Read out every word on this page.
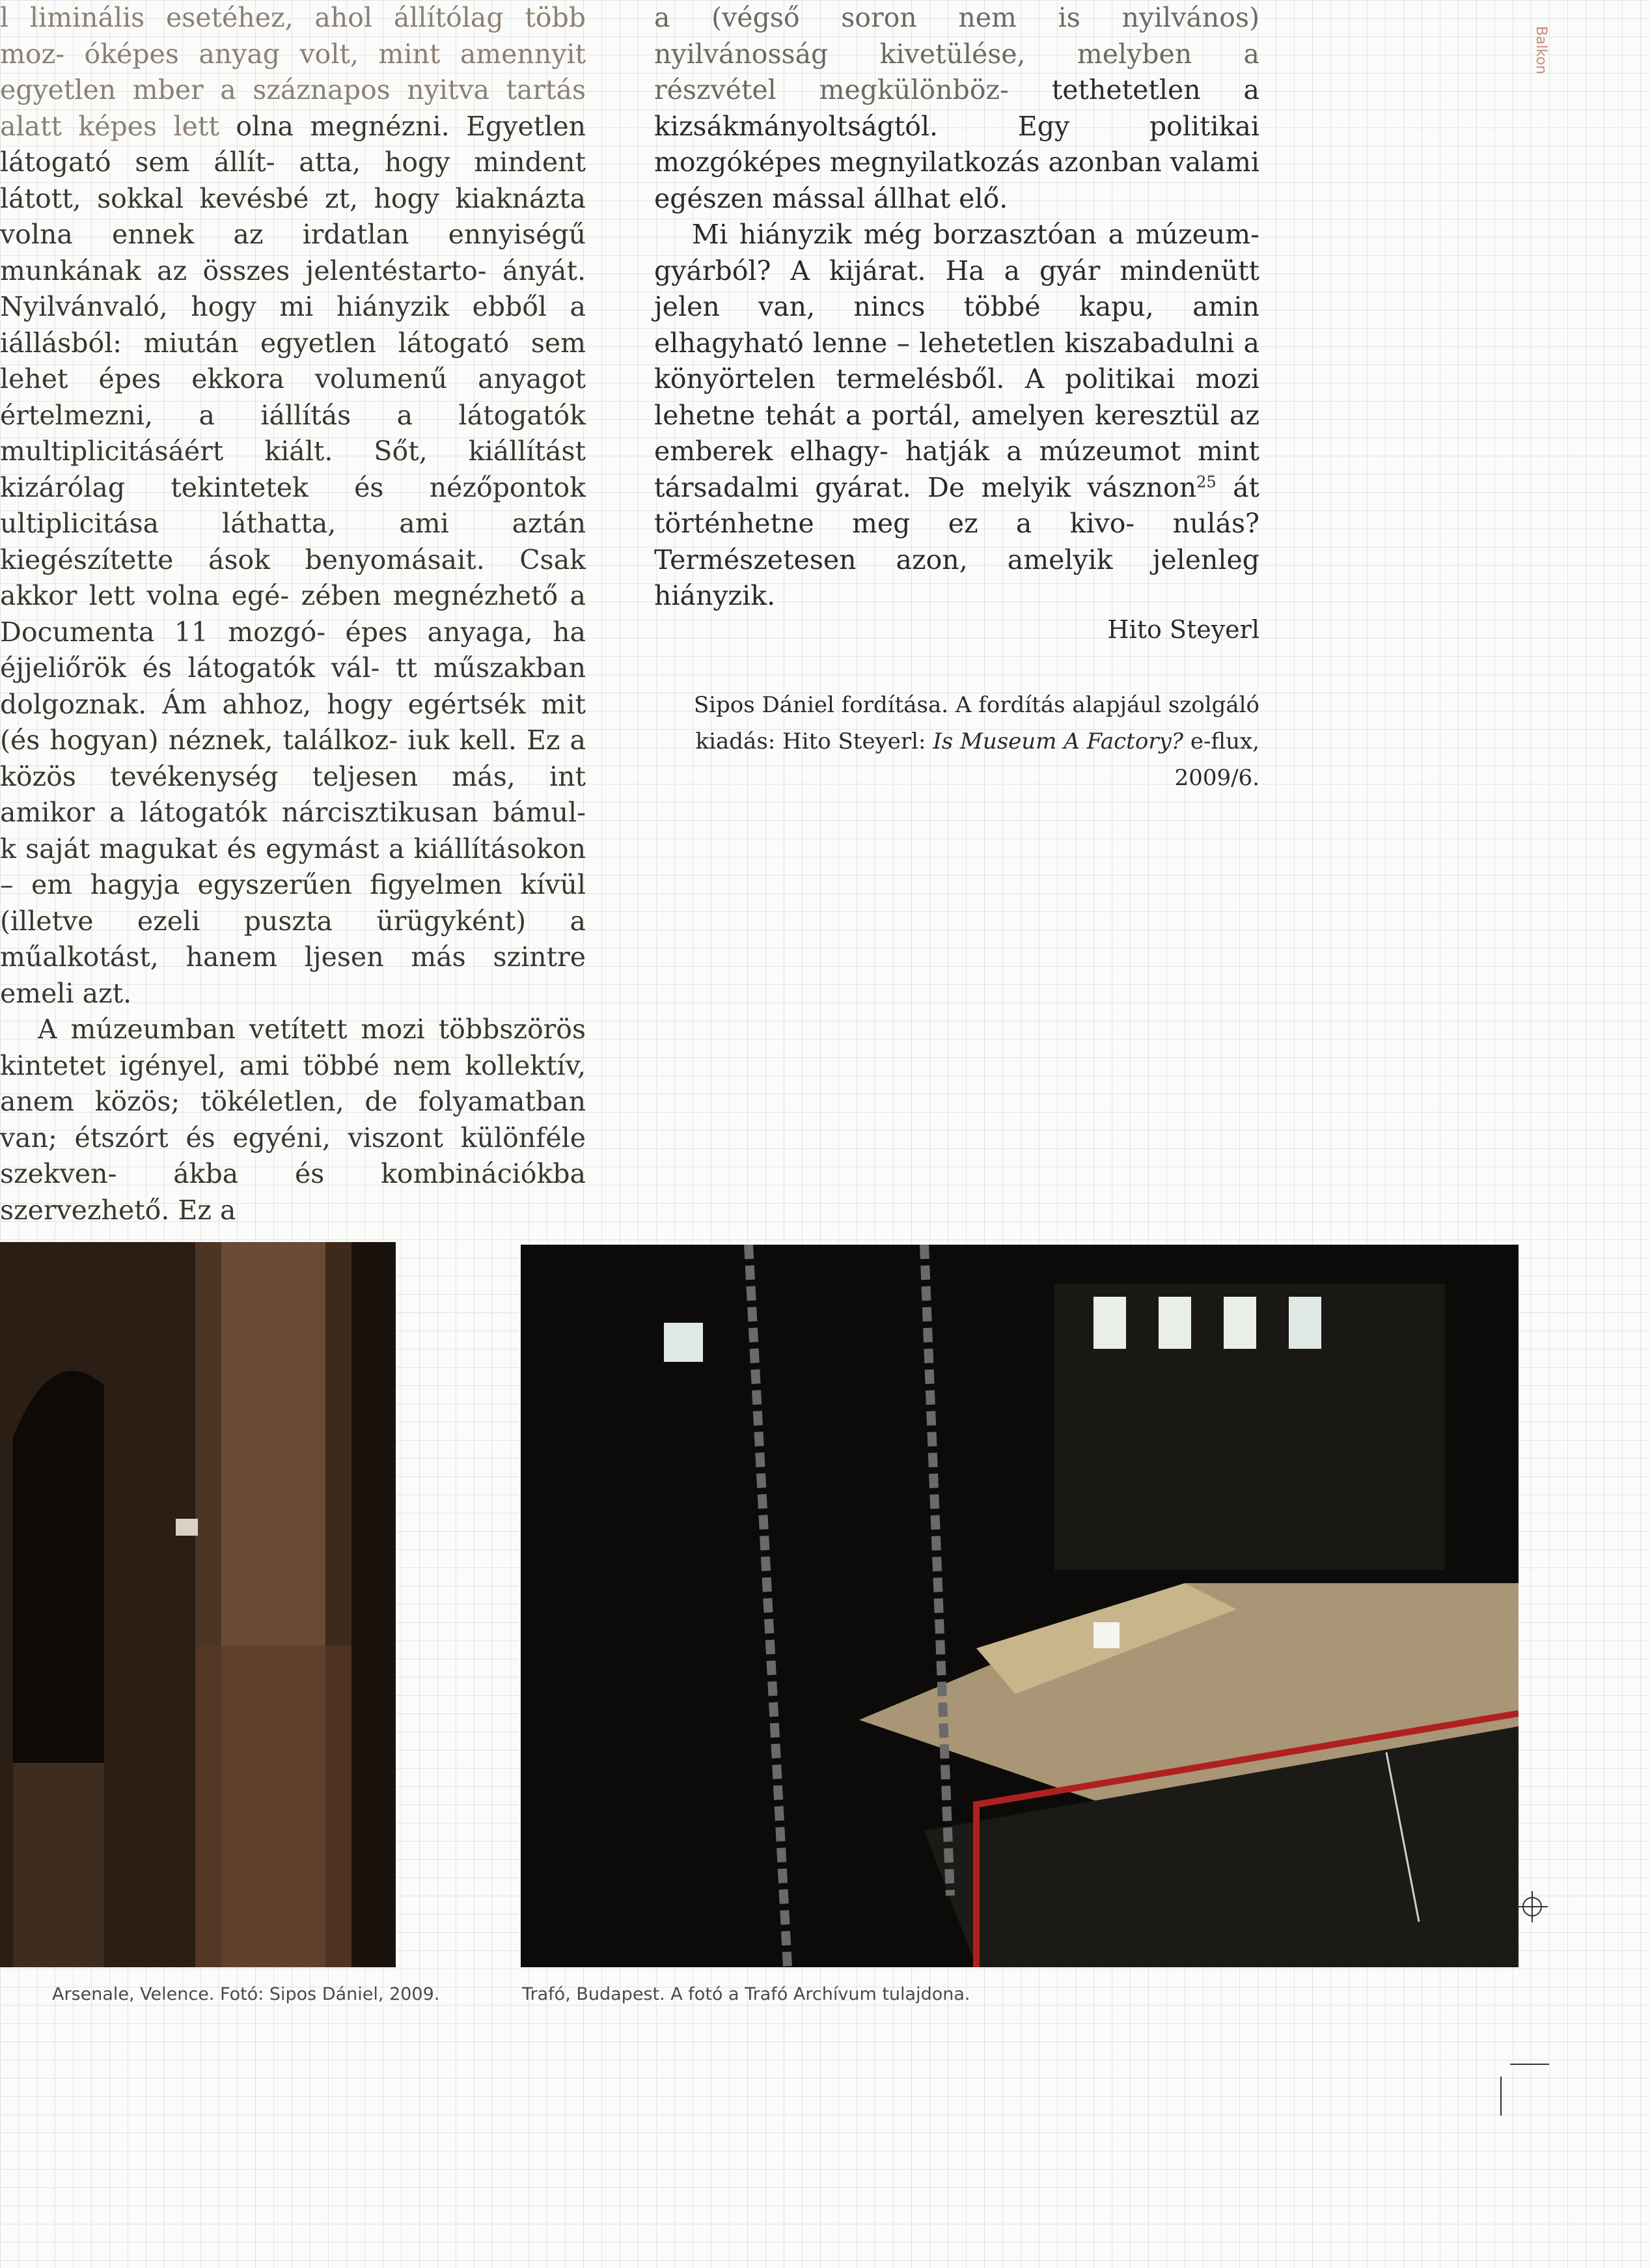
Balkon

l liminális esetéhez, ahol állítólag több moz- óképes anyag volt, mint amennyit egyetlen mber a száznapos nyitva tartás alatt képes lett olna megnézni. Egyetlen látogató sem állít- atta, hogy mindent látott, sokkal kevésbé zt, hogy kiaknázta volna ennek az irdatlan ennyiségű munkának az összes jelentéstarto- ányát. Nyilvánvaló, hogy mi hiányzik ebből a iállásból: miután egyetlen látogató sem lehet épes ekkora volumenű anyagot értelmezni, a iállítás a látogatók multiplicitásáért kiált. Sőt, kiállítást kizárólag tekintetek és nézőpontok ultiplicitása láthatta, ami aztán kiegészítette ások benyomásait. Csak akkor lett volna egé- zében megnézhető a Documenta 11 mozgó- épes anyaga, ha éjjeliőrök és látogatók vál- tt műszakban dolgoznak. Ám ahhoz, hogy egértsék mit (és hogyan) néznek, találkoz- iuk kell. Ez a közös tevékenység teljesen más, int amikor a látogatók nárcisztikusan bámul- k saját magukat és egymást a kiállításokon – em hagyja egyszerűen figyelmen kívül (illetve ezeli puszta ürügyként) a műalkotást, hanem ljesen más szintre emeli azt.

A múzeumban vetített mozi többszörös kintetet igényel, ami többé nem kollektív, anem közös; tökéletlen, de folyamatban van; étszórt és egyéni, viszont különféle szekven- ákba és kombinációkba szervezhető. Ez a

a (végső soron nem is nyilvános) nyilvánosság kivetülése, melyben a részvétel megkülönböz- tethetetlen a kizsákmányoltságtól. Egy politikai mozgóképes megnyilatkozás azonban valami egészen mással állhat elő.

Mi hiányzik még borzasztóan a múzeum- gyárból? A kijárat. Ha a gyár mindenütt jelen van, nincs többé kapu, amin elhagyható lenne – lehetetlen kiszabadulni a könyörtelen termelésből. A politikai mozi lehetne tehát a portál, amelyen keresztül az emberek elhagy- hatják a múzeumot mint társadalmi gyárat. De melyik vásznon$^{25}$ át történhetne meg ez a kivo- nulás? Természetesen azon, amelyik jelenleg hiányzik.

Hito Steyerl
Sipos Dániel fordítása. A fordítás alapjául szolgáló kiadás: Hito Steyerl: Is Museum A Factory? e-flux, 2009/6.
Arsenale, Velence. Fotó: Sipos Dániel, 2009.	Trafó, Budapest. A fotó a Trafó Archívum tulajdona.
